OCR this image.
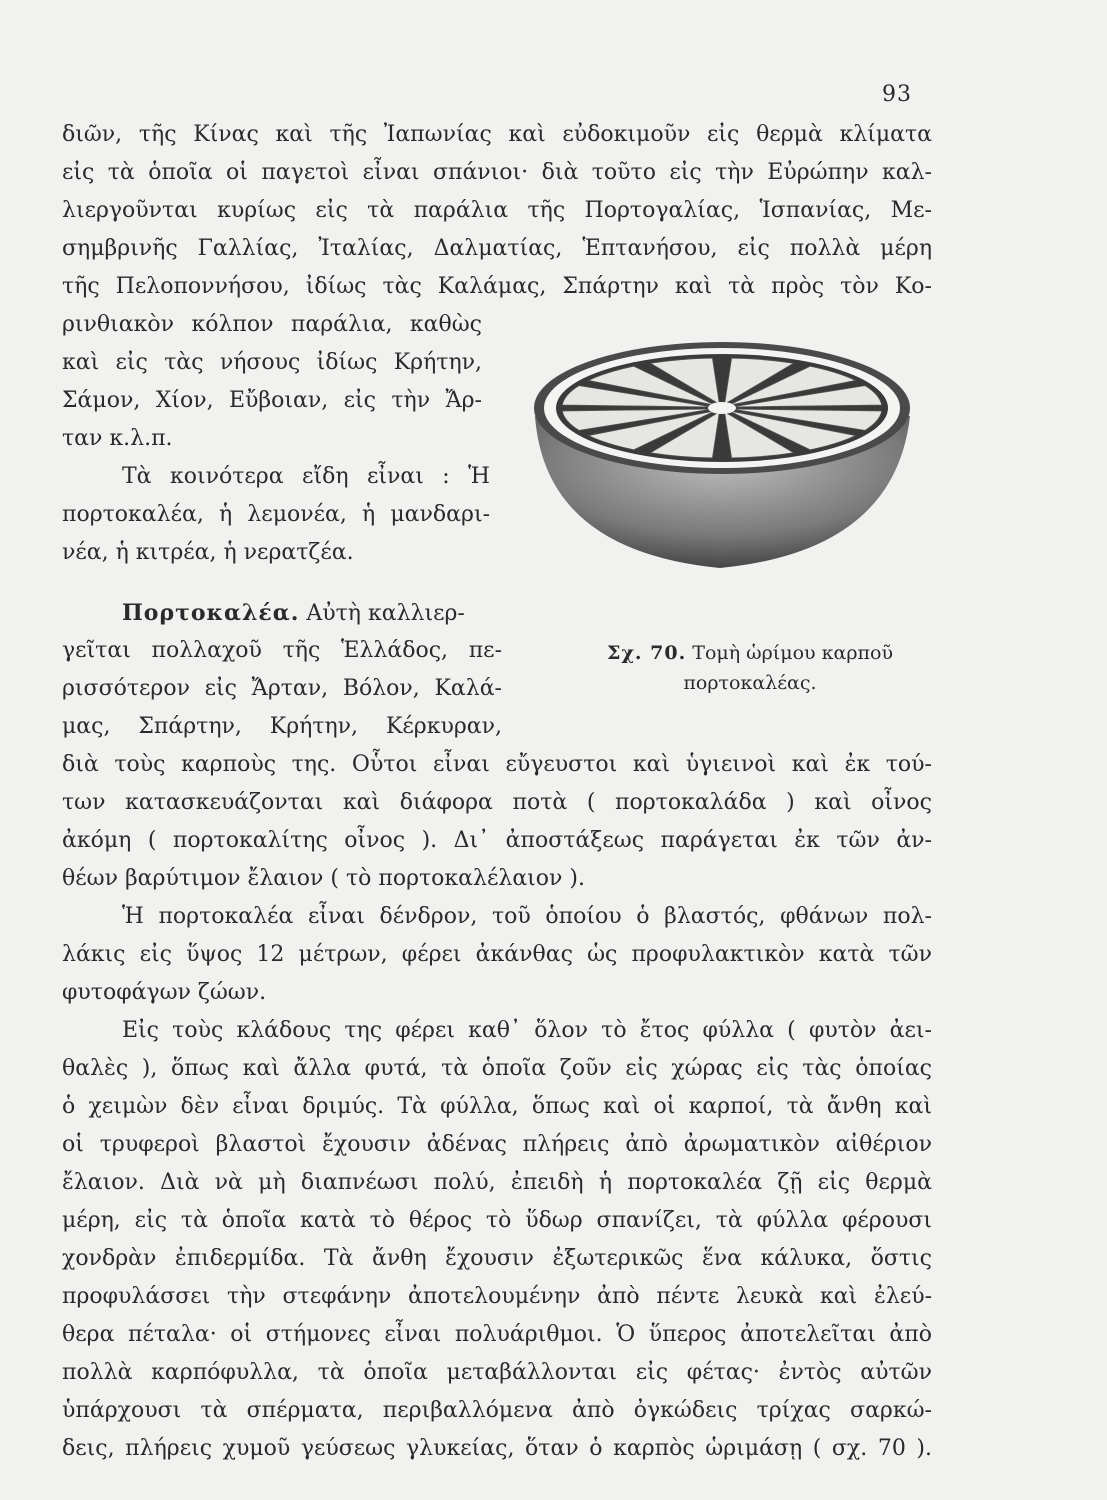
93
διῶν, τῆς Κίνας καὶ τῆς Ἰαπωνίας καὶ εὐδοκιμοῦν εἰς θερμὰ κλίματα
εἰς τὰ ὁποῖα οἱ παγετοὶ εἶναι σπάνιοι· διὰ τοῦτο εἰς τὴν Εὐρώπην καλ-
λιεργοῦνται κυρίως εἰς τὰ παράλια τῆς Πορτογαλίας, Ἱσπανίας, Με-
σημβρινῆς Γαλλίας, Ἰταλίας, Δαλματίας, Ἑπτανήσου, εἰς πολλὰ μέρη
τῆς Πελοποννήσου, ἰδίως τὰς Καλάμας, Σπάρτην καὶ τὰ πρὸς τὸν Κο-
ρινθιακὸν κόλπον παράλια, καθὼς
καὶ εἰς τὰς νήσους ἰδίως Κρήτην,
Σάμον, Χίον, Εὔβοιαν, εἰς τὴν Ἄρ-
ταν κ.λ.π.
Τὰ κοινότερα εἴδη εἶναι : Ἡ
πορτοκαλέα, ἡ λεμονέα, ἡ μανδαρι-
νέα, ἡ κιτρέα, ἡ νερατζέα.
Πορτοκαλέα. Αὐτὴ καλλιερ-
γεῖται πολλαχοῦ τῆς Ἑλλάδος, πε-
ρισσότερον εἰς Ἄρταν, Βόλον, Καλά-
μας, Σπάρτην, Κρήτην, Κέρκυραν,
Σχ. 70. Τομὴ ὡρίμου καρποῦ
πορτοκαλέας.
διὰ τοὺς καρποὺς της. Οὗτοι εἶναι εὔγευστοι καὶ ὑγιεινοὶ καὶ ἐκ τού-
των κατασκευάζονται καὶ διάφορα ποτὰ ( πορτοκαλάδα ) καὶ οἶνος
ἀκόμη ( πορτοκαλίτης οἶνος ). Δι᾿ ἀποστάξεως παράγεται ἐκ τῶν ἀν-
θέων βαρύτιμον ἔλαιον ( τὸ πορτοκαλέλαιον ).
Ἡ πορτοκαλέα εἶναι δένδρον, τοῦ ὁποίου ὁ βλαστός, φθάνων πολ-
λάκις εἰς ὕψος 12 μέτρων, φέρει ἀκάνθας ὡς προφυλακτικὸν κατὰ τῶν
φυτοφάγων ζώων.
Εἰς τοὺς κλάδους της φέρει καθ᾿ ὅλον τὸ ἔτος φύλλα ( φυτὸν ἀει-
θαλὲς ), ὅπως καὶ ἄλλα φυτά, τὰ ὁποῖα ζοῦν εἰς χώρας εἰς τὰς ὁποίας
ὁ χειμὼν δὲν εἶναι δριμύς. Τὰ φύλλα, ὅπως καὶ οἱ καρποί, τὰ ἄνθη καὶ
οἱ τρυφεροὶ βλαστοὶ ἔχουσιν ἀδένας πλήρεις ἀπὸ ἀρωματικὸν αἰθέριον
ἔλαιον. Διὰ νὰ μὴ διαπνέωσι πολύ, ἐπειδὴ ἡ πορτοκαλέα ζῇ εἰς θερμὰ
μέρη, εἰς τὰ ὁποῖα κατὰ τὸ θέρος τὸ ὕδωρ σπανίζει, τὰ φύλλα φέρουσι
χονδρὰν ἐπιδερμίδα. Τὰ ἄνθη ἔχουσιν ἐξωτερικῶς ἕνα κάλυκα, ὅστις
προφυλάσσει τὴν στεφάνην ἀποτελουμένην ἀπὸ πέντε λευκὰ καὶ ἐλεύ-
θερα πέταλα· οἱ στήμονες εἶναι πολυάριθμοι. Ὁ ὕπερος ἀποτελεῖται ἀπὸ
πολλὰ καρπόφυλλα, τὰ ὁποῖα μεταβάλλονται εἰς φέτας· ἐντὸς αὐτῶν
ὑπάρχουσι τὰ σπέρματα, περιβαλλόμενα ἀπὸ ὀγκώδεις τρίχας σαρκώ-
δεις, πλήρεις χυμοῦ γεύσεως γλυκείας, ὅταν ὁ καρπὸς ὡριμάσῃ ( σχ. 70 ).
